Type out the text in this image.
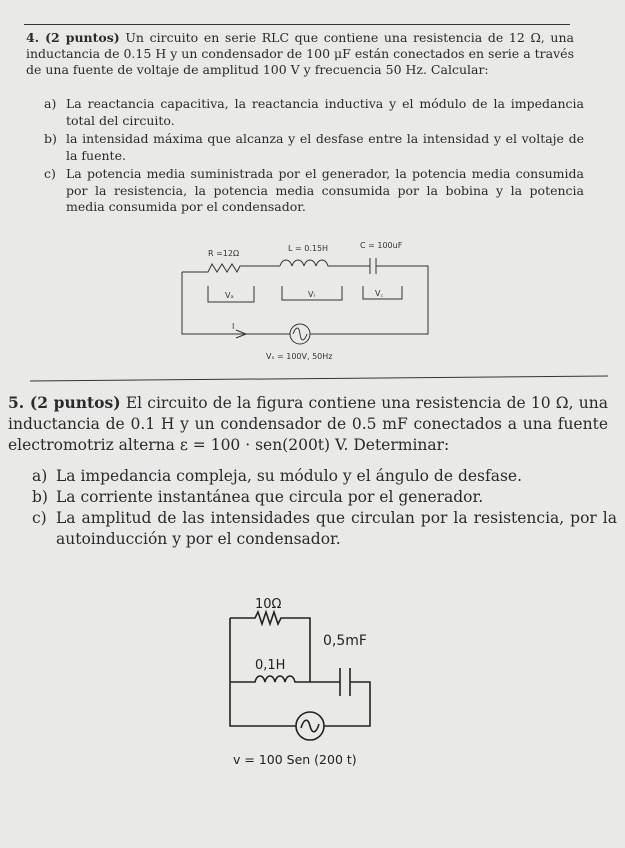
4. (2 puntos) Un circuito en serie RLC que contiene una resistencia de 12 Ω, una inductancia de 0.15 H y un condensador de 100 μF están conectados en serie a través de una fuente de voltaje de amplitud 100 V y frecuencia 50 Hz. Calcular:
a) La reactancia capacitiva, la reactancia inductiva y el módulo de la impedancia total del circuito.
b) la intensidad máxima que alcanza y el desfase entre la intensidad y el voltaje de la fuente.
c) La potencia media suministrada por el generador, la potencia media consumida por la resistencia, la potencia media consumida por la bobina y la potencia media consumida por el condensador.
R =12Ω
L = 0.15H	C = 100uF
Vₐ	Vₗ	V꜀
I
Vₛ = 100V, 50Hz
5. (2 puntos) El circuito de la figura contiene una resistencia de 10 Ω, una inductancia de 0.1 H y un condensador de 0.5 mF conectados a una fuente electromotriz alterna ε = 100 · sen(200t) V. Determinar:
a) La impedancia compleja, su módulo y el ángulo de desfase.
b) La corriente instantánea que circula por el generador.
c) La amplitud de las intensidades que circulan por la resistencia, por la autoinducción y por el condensador.
10Ω
0,1H
0,5mF
v = 100 Sen (200 t)
